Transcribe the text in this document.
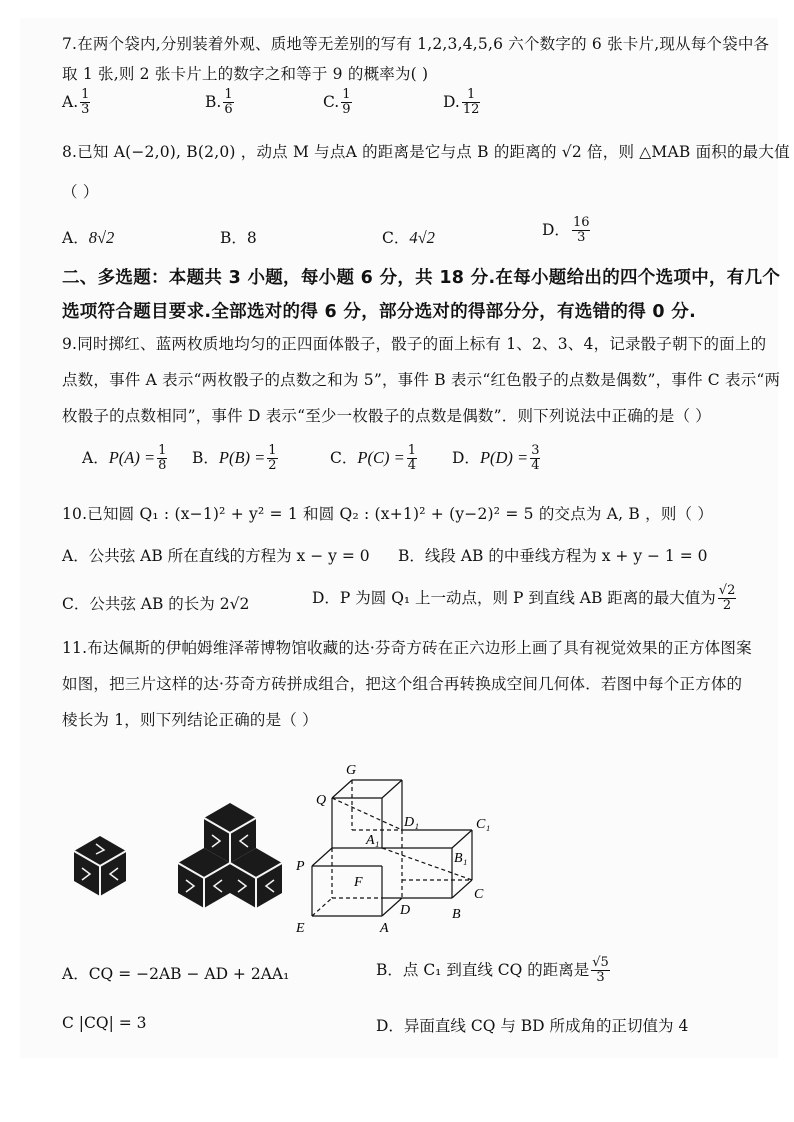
7.在两个袋内,分别装着外观、质地等无差别的写有 1,2,3,4,5,6 六个数字的 6 张卡片,现从每个袋中各
取 1 张,则 2 张卡片上的数字之和等于 9 的概率为( )
A. $\frac{1}{3}$	B. $\frac{1}{6}$	C. $\frac{1}{9}$	D. $\frac{1}{12}$
8.已知 A(−2,0), B(2,0) ，动点 M 与点A 的距离是它与点 B 的距离的 √2 倍，则 △MAB 面积的最大值
（ ）
A．8√2	B．8	C．4√2	D． $\frac{16}{3}$
二、多选题：本题共 3 小题，每小题 6 分，共 18 分.在每小题给出的四个选项中，有几个
选项符合题目要求.全部选对的得 6 分，部分选对的得部分分，有选错的得 0 分.
9.同时掷红、蓝两枚质地均匀的正四面体骰子，骰子的面上标有 1、2、3、4，记录骰子朝下的面上的
点数，事件 A 表示“两枚骰子的点数之和为 5”，事件 B 表示“红色骰子的点数是偶数”，事件 C 表示“两
枚骰子的点数相同”，事件 D 表示“至少一枚骰子的点数是偶数”．则下列说法中正确的是（ ）
A．$P(A) = \frac{1}{8}$ B．$P(B) = \frac{1}{2}$	C．$P(C) = \frac{1}{4}$ D．$P(D) = \frac{3}{4}$
10.已知圆 Q₁ : (x−1)² + y² = 1 和圆 Q₂ : (x+1)² + (y−2)² = 5 的交点为 A, B ，则（ ）
A．公共弦 AB 所在直线的方程为 x − y = 0 B．线段 AB 的中垂线方程为 x + y − 1 = 0
C．公共弦 AB 的长为 2√2	D．P 为圆 Q₁ 上一动点，则 P 到直线 AB 距离的最大值为 $\frac{√2}{2}$
11.布达佩斯的伊帕姆维泽蒂博物馆收藏的达·芬奇方砖在正六边形上画了具有视觉效果的正方体图案
如图，把三片这样的达·芬奇方砖拼成组合，把这个组合再转换成空间几何体．若图中每个正方体的
棱长为 1，则下列结论正确的是（ ）
G
Q
D₁	C₁
A₁
B₁
P
F
C
D
E	A
B
A．CQ = −2AB − AD + 2AA₁	B．点 C₁ 到直线 CQ 的距离是 $\frac{√5}{3}$
C |CQ| = 3	D．异面直线 CQ 与 BD 所成角的正切值为 4
